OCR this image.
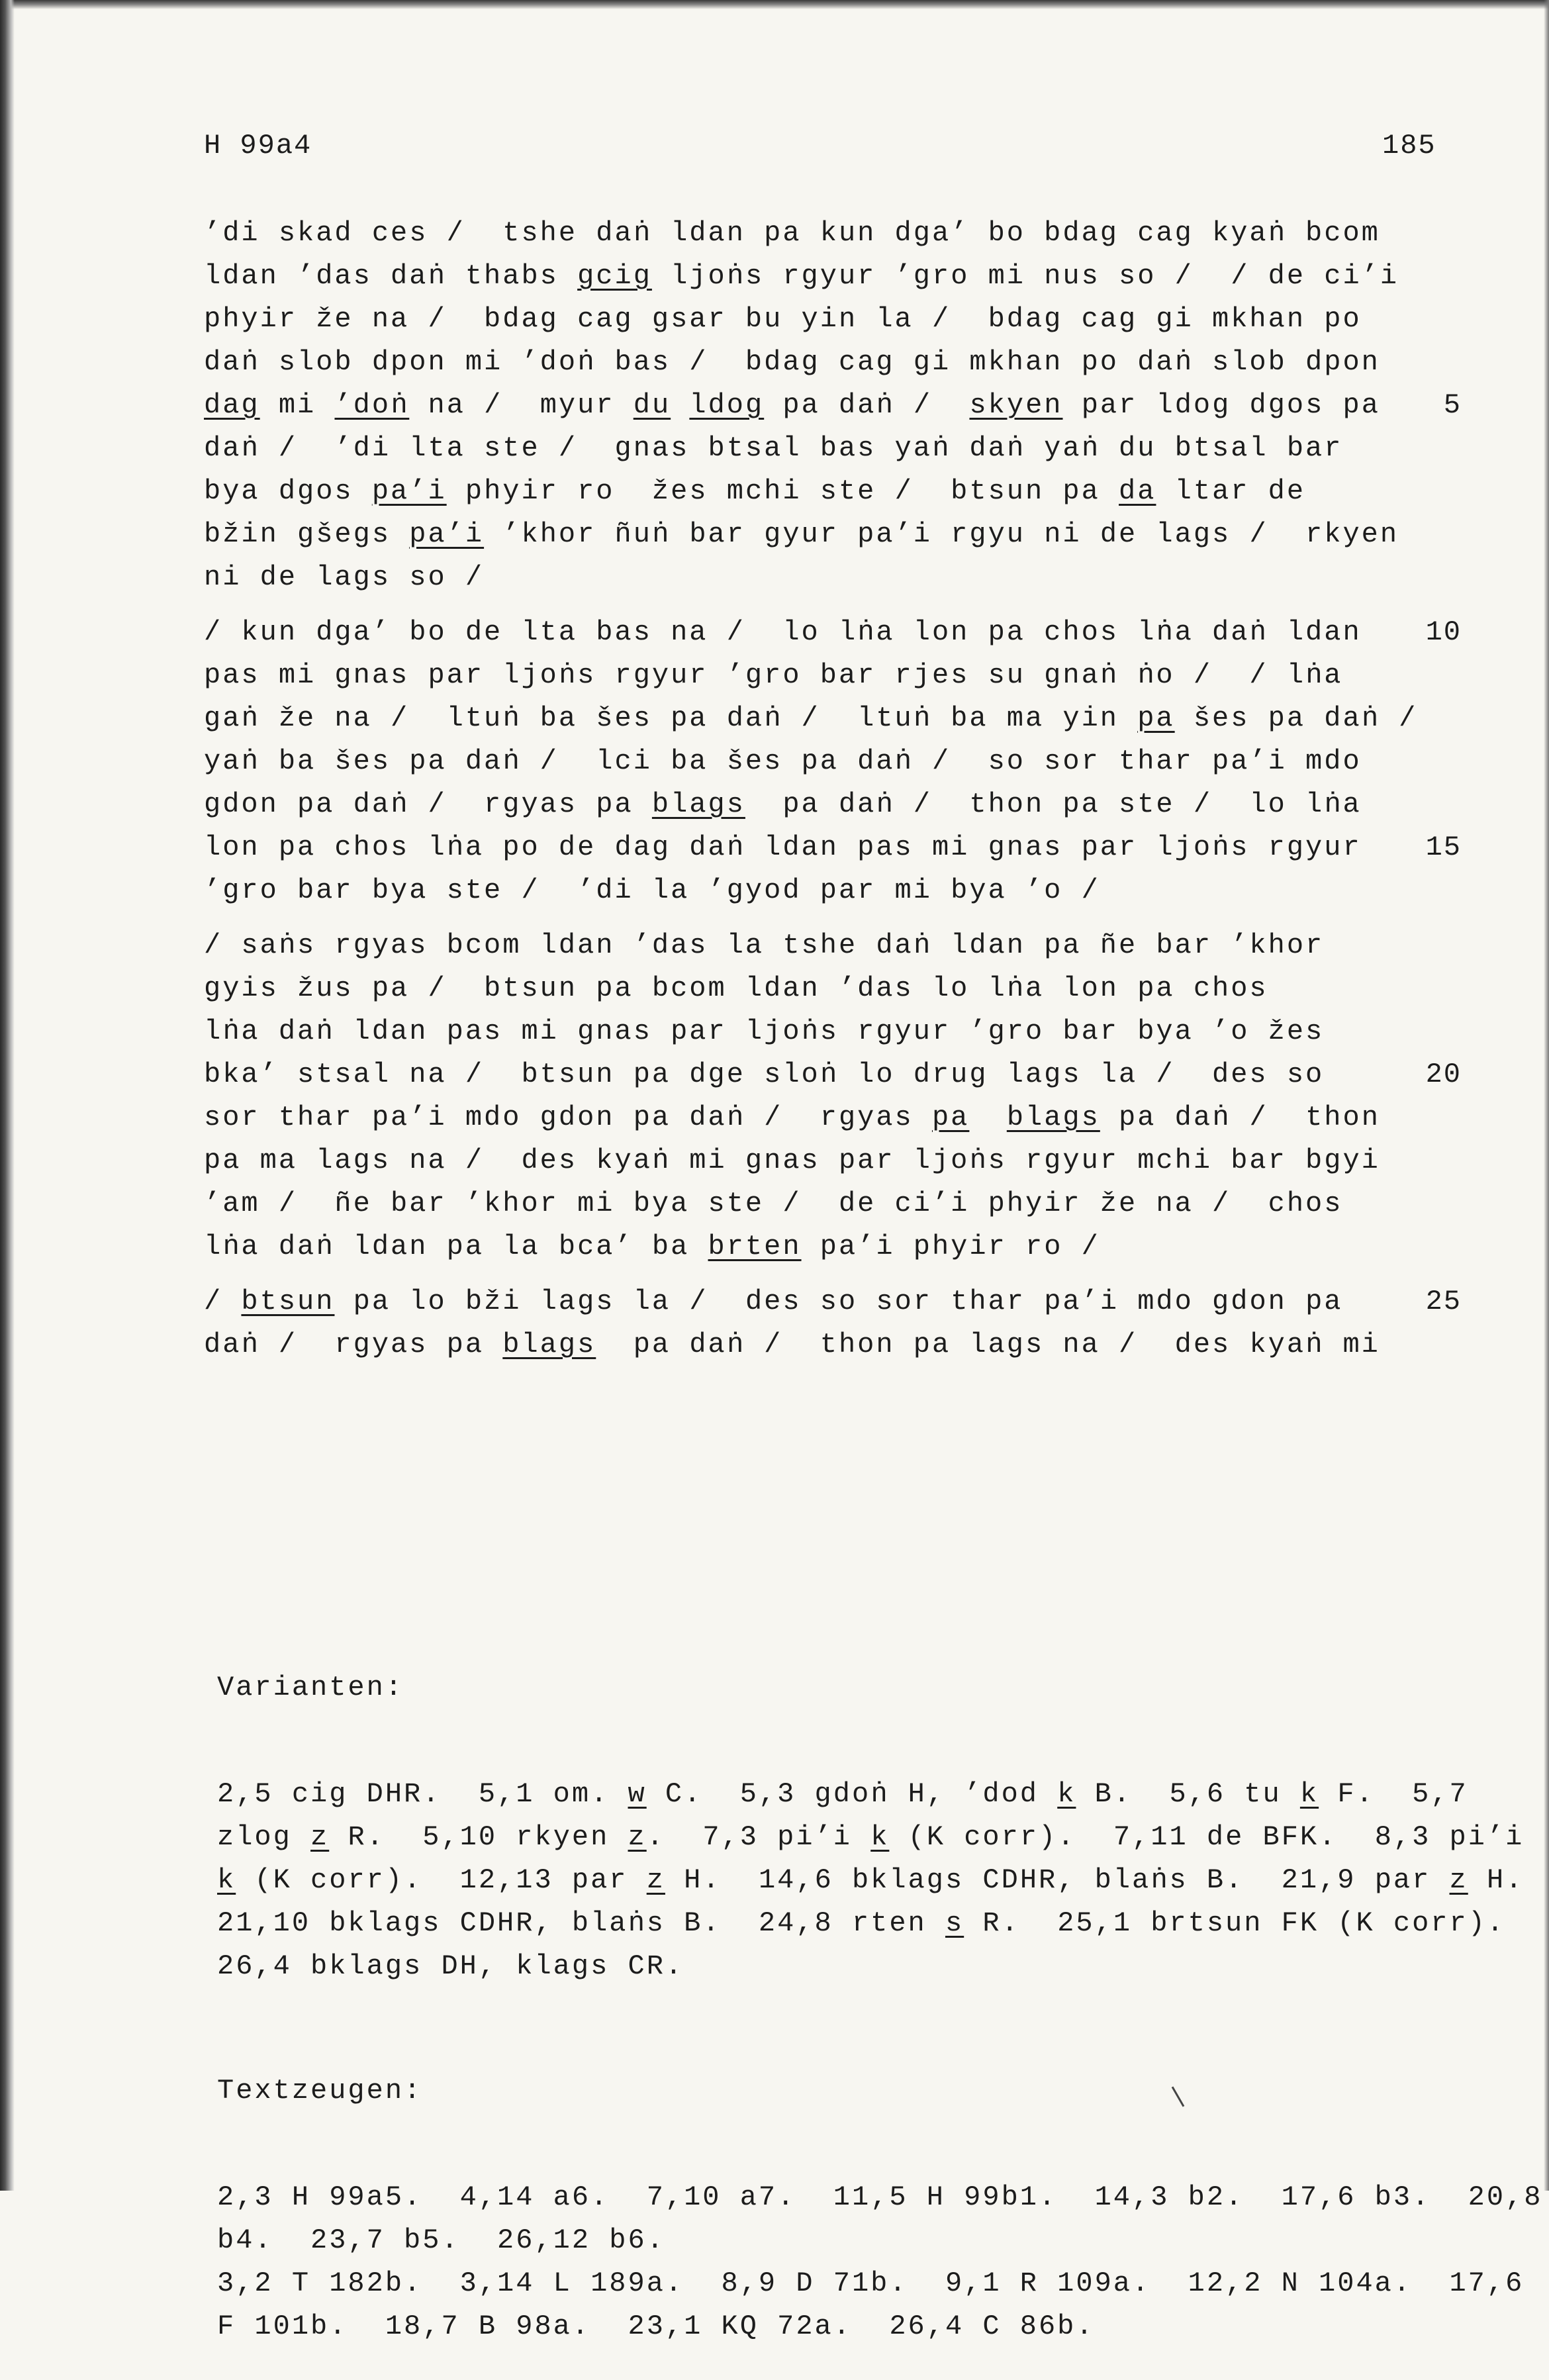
H 99a4	185
’di skad ces /  tshe daṅ ldan pa kun dga’ bo bdag cag kyaṅ bcom
ldan ’das daṅ thabs gcig ljoṅs rgyur ’gro mi nus so /  / de ci’i
phyir že na /  bdag cag gsar bu yin la /  bdag cag gi mkhan po
daṅ slob dpon mi ’doṅ bas /  bdag cag gi mkhan po daṅ slob dpon
dag mi ’doṅ na /  myur du ldog pa daṅ /  skyen par ldog dgos pa	5
daṅ /  ’di lta ste /  gnas btsal bas yaṅ daṅ yaṅ du btsal bar
bya dgos pa’i phyir ro  žes mchi ste /  btsun pa da ltar de
bžin gšegs pa’i ’khor ñuṅ bar gyur pa’i rgyu ni de lags /  rkyen
ni de lags so /
/ kun dga’ bo de lta bas na /  lo lṅa lon pa chos lṅa daṅ ldan	10
pas mi gnas par ljoṅs rgyur ’gro bar rjes su gnaṅ ṅo /  / lṅa
gaṅ že na /  ltuṅ ba šes pa daṅ /  ltuṅ ba ma yin pa šes pa daṅ /
yaṅ ba šes pa daṅ /  lci ba šes pa daṅ /  so sor thar pa’i mdo
gdon pa daṅ /  rgyas pa blags  pa daṅ /  thon pa ste /  lo lṅa
lon pa chos lṅa po de dag daṅ ldan pas mi gnas par ljoṅs rgyur	15
’gro bar bya ste /  ’di la ’gyod par mi bya ’o /
/ saṅs rgyas bcom ldan ’das la tshe daṅ ldan pa ñe bar ’khor
gyis žus pa /  btsun pa bcom ldan ’das lo lṅa lon pa chos
lṅa daṅ ldan pas mi gnas par ljoṅs rgyur ’gro bar bya ’o žes
bka’ stsal na /  btsun pa dge sloṅ lo drug lags la /  des so	20
sor thar pa’i mdo gdon pa daṅ /  rgyas pa blags pa daṅ /  thon
pa ma lags na /  des kyaṅ mi gnas par ljoṅs rgyur mchi bar bgyi
’am /  ñe bar ’khor mi bya ste /  de ci’i phyir že na /  chos
lṅa daṅ ldan pa la bca’ ba brten pa’i phyir ro /
/ btsun pa lo bži lags la /  des so sor thar pa’i mdo gdon pa	25
daṅ /  rgyas pa blags  pa daṅ /  thon pa lags na /  des kyaṅ mi

Varianten:

2,5 cig DHR.  5,1 om. w C.  5,3 gdoṅ H, ’dod k B.  5,6 tu k F.  5,7
zlog z R.  5,10 rkyen z.  7,3 pi’i k (K corr).  7,11 de BFK.  8,3 pi’i
k (K corr).  12,13 par z H.  14,6 bklags CDHR, blaṅs B.  21,9 par z H.
21,10 bklags CDHR, blaṅs B.  24,8 rten s R.  25,1 brtsun FK (K corr).
26,4 bklags DH, klags CR.

Textzeugen:

2,3 H 99a5.  4,14 a6.  7,10 a7.  11,5 H 99b1.  14,3 b2.  17,6 b3.  20,8
b4.  23,7 b5.  26,12 b6.
3,2 T 182b.  3,14 L 189a.  8,9 D 71b.  9,1 R 109a.  12,2 N 104a.  17,6
F 101b.  18,7 B 98a.  23,1 KQ 72a.  26,4 C 86b.
